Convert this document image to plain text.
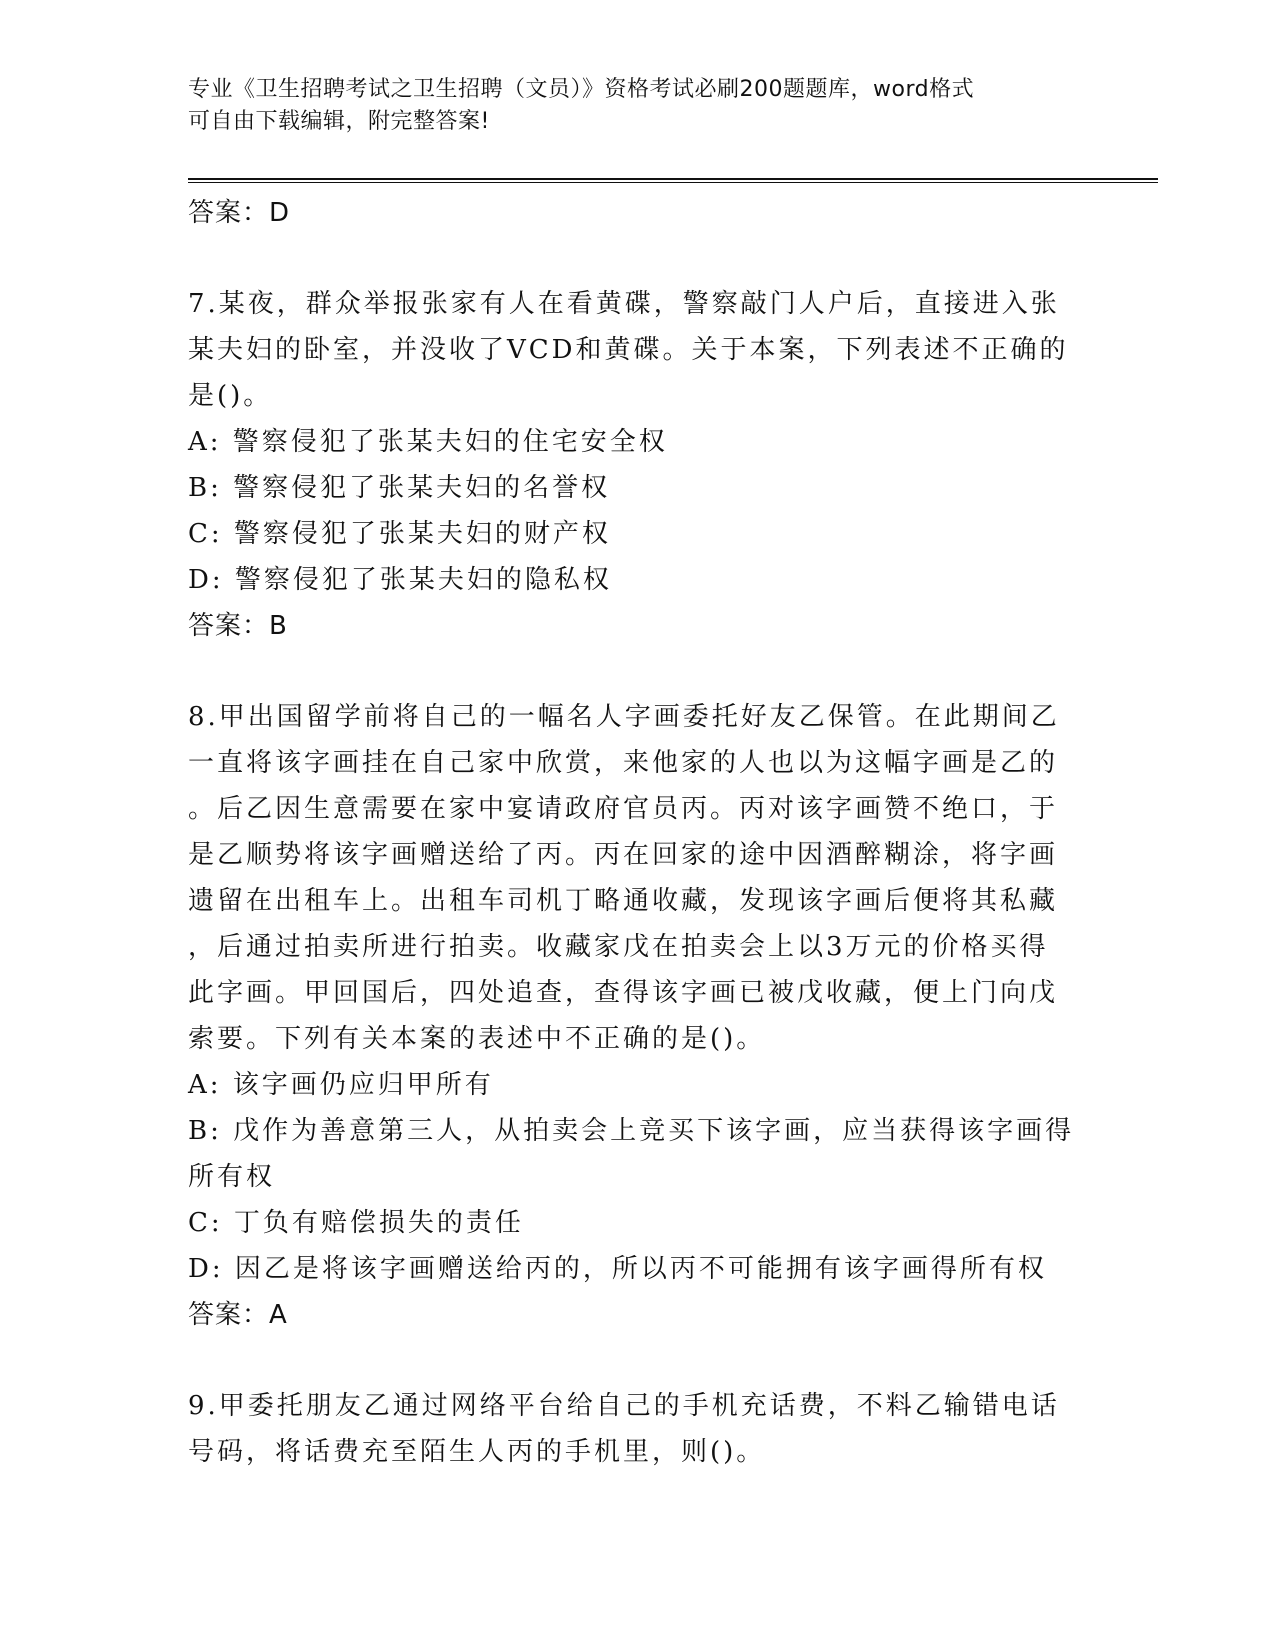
专业《卫生招聘考试之卫生招聘（文员）》资格考试必刷200题题库，word格式
可自由下载编辑，附完整答案!
答案：D
7.某夜，群众举报张家有人在看黄碟，警察敲门人户后，直接进入张
某夫妇的卧室，并没收了VCD和黄碟。关于本案，下列表述不正确的
是()。
A: 警察侵犯了张某夫妇的住宅安全权
B: 警察侵犯了张某夫妇的名誉权
C: 警察侵犯了张某夫妇的财产权
D: 警察侵犯了张某夫妇的隐私权
答案：B
8.甲出国留学前将自己的一幅名人字画委托好友乙保管。在此期间乙
一直将该字画挂在自己家中欣赏，来他家的人也以为这幅字画是乙的
。后乙因生意需要在家中宴请政府官员丙。丙对该字画赞不绝口，于
是乙顺势将该字画赠送给了丙。丙在回家的途中因酒醉糊涂，将字画
遗留在出租车上。出租车司机丁略通收藏，发现该字画后便将其私藏
，后通过拍卖所进行拍卖。收藏家戊在拍卖会上以3万元的价格买得
此字画。甲回国后，四处追查，查得该字画已被戊收藏，便上门向戊
索要。下列有关本案的表述中不正确的是()。
A: 该字画仍应归甲所有
B: 戊作为善意第三人，从拍卖会上竞买下该字画，应当获得该字画得
所有权
C: 丁负有赔偿损失的责任
D: 因乙是将该字画赠送给丙的，所以丙不可能拥有该字画得所有权
答案：A
9.甲委托朋友乙通过网络平台给自己的手机充话费，不料乙输错电话
号码，将话费充至陌生人丙的手机里，则()。
